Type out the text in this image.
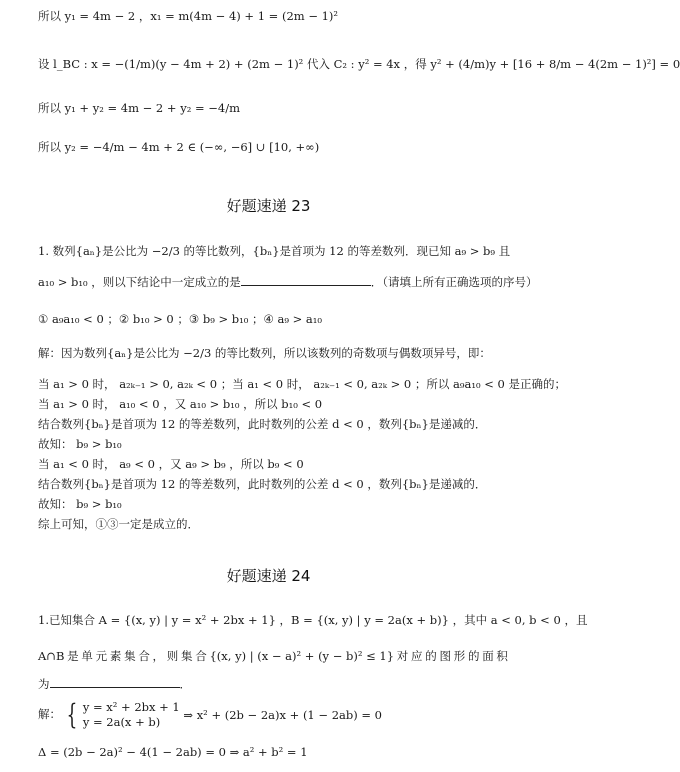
所以 y₁ = 4m − 2 ，x₁ = m(4m − 4) + 1 = (2m − 1)²
设 l_BC : x = −(1/m)(y − 4m + 2) + (2m − 1)² 代入 C₂ : y² = 4x ，得 y² + (4/m)y + [16 + 8/m − 4(2m − 1)²] = 0
所以 y₁ + y₂ = 4m − 2 + y₂ = −4/m
所以 y₂ = −4/m − 4m + 2 ∈ (−∞, −6] ∪ [10, +∞)
好题速递 23
1. 数列{aₙ}是公比为 −2/3 的等比数列，{bₙ}是首项为 12 的等差数列．现已知 a₉ > b₉ 且
a₁₀ > b₁₀ ，则以下结论中一定成立的是	．（请填上所有正确选项的序号）
① a₉a₁₀ < 0 ；② b₁₀ > 0 ；③ b₉ > b₁₀ ；④ a₉ > a₁₀
解：因为数列{aₙ}是公比为 −2/3 的等比数列，所以该数列的奇数项与偶数项异号，即：
当 a₁ > 0 时， a₂ₖ₋₁ > 0, a₂ₖ < 0 ；当 a₁ < 0 时， a₂ₖ₋₁ < 0, a₂ₖ > 0 ；所以 a₉a₁₀ < 0 是正确的；
当 a₁ > 0 时， a₁₀ < 0 ，又 a₁₀ > b₁₀ ，所以 b₁₀ < 0
结合数列{bₙ}是首项为 12 的等差数列，此时数列的公差 d < 0 ，数列{bₙ}是递减的．
故知： b₉ > b₁₀
当 a₁ < 0 时， a₉ < 0 ，又 a₉ > b₉ ，所以 b₉ < 0
结合数列{bₙ}是首项为 12 的等差数列，此时数列的公差 d < 0 ，数列{bₙ}是递减的．
故知： b₉ > b₁₀
综上可知，①③一定是成立的．
好题速递 24
1. 已知集合 A = {(x, y) | y = x² + 2bx + 1} ， B = {(x, y) | y = 2a(x + b)} ， 其中 a < 0, b < 0 ， 且
A∩B 是 单 元 素 集 合 ， 则 集 合 {(x, y) | (x − a)² + (y − b)² ≤ 1} 对 应 的 图 形 的 面 积
为	．
解： { y = x² + 2bx + 1
y = 2a(x + b)	⇒ x² + (2b − 2a)x + (1 − 2ab) = 0
Δ = (2b − 2a)² − 4(1 − 2ab) = 0 ⇒ a² + b² = 1
